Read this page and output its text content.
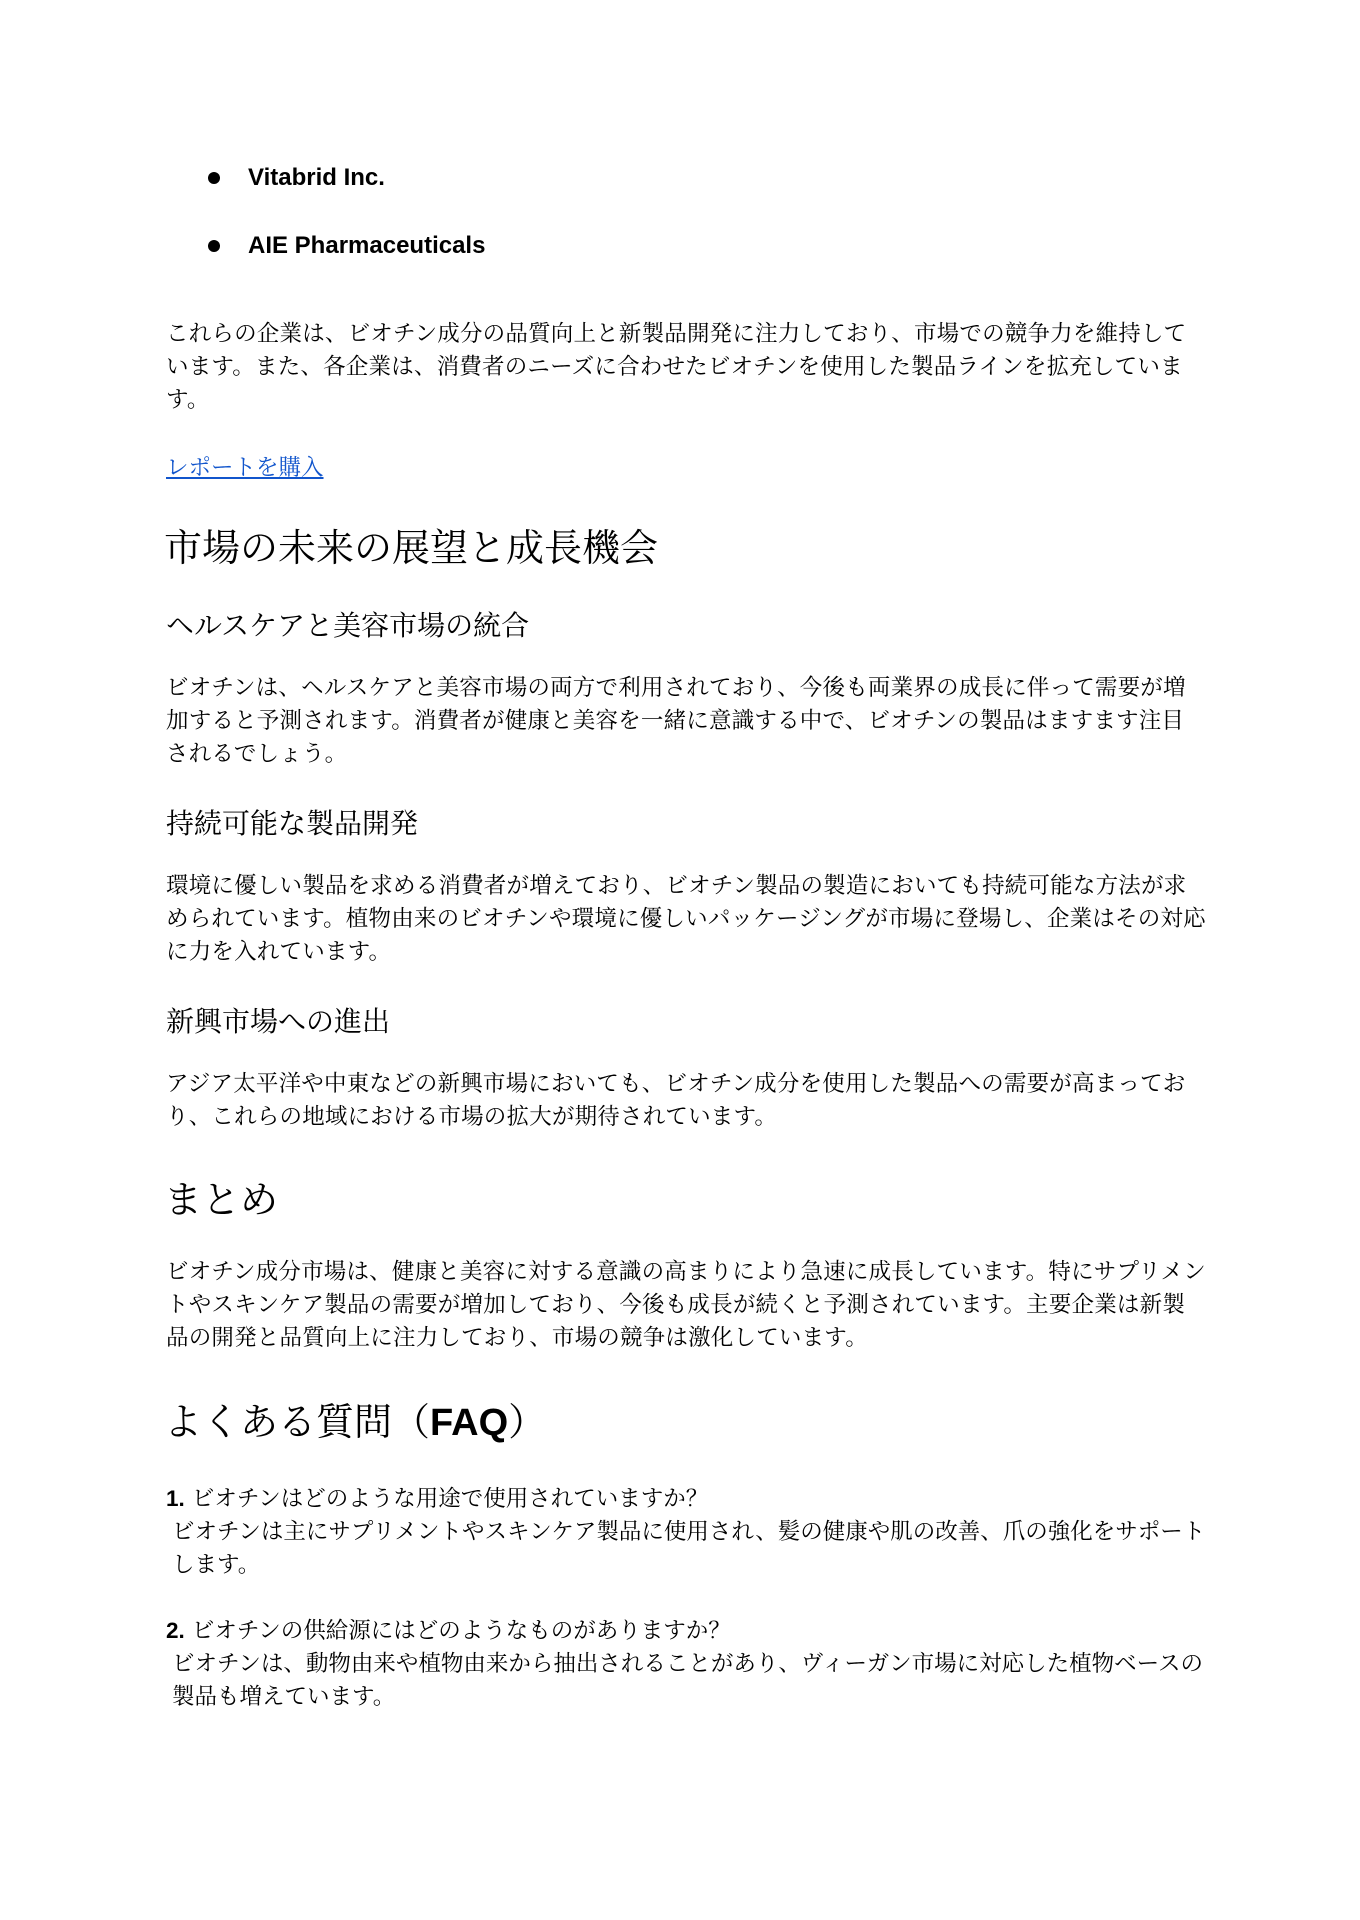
Vitabrid Inc.
AIE Pharmaceuticals

これらの企業は、ビオチン成分の品質向上と新製品開発に注力しており、市場での競争力を維持しています。また、各企業は、消費者のニーズに合わせたビオチンを使用した製品ラインを拡充しています。

レポートを購入
市場の未来の展望と成長機会
ヘルスケアと美容市場の統合

ビオチンは、ヘルスケアと美容市場の両方で利用されており、今後も両業界の成長に伴って需要が増加すると予測されます。消費者が健康と美容を一緒に意識する中で、ビオチンの製品はますます注目されるでしょう。

持続可能な製品開発

環境に優しい製品を求める消費者が増えており、ビオチン製品の製造においても持続可能な方法が求められています。植物由来のビオチンや環境に優しいパッケージングが市場に登場し、企業はその対応に力を入れています。

新興市場への進出

アジア太平洋や中東などの新興市場においても、ビオチン成分を使用した製品への需要が高まっており、これらの地域における市場の拡大が期待されています。

まとめ

ビオチン成分市場は、健康と美容に対する意識の高まりにより急速に成長しています。特にサプリメントやスキンケア製品の需要が増加しており、今後も成長が続くと予測されています。主要企業は新製品の開発と品質向上に注力しており、市場の競争は激化しています。

よくある質問（FAQ）
1. ビオチンはどのような用途で使用されていますか？
ビオチンは主にサプリメントやスキンケア製品に使用され、髪の健康や肌の改善、爪の強化をサポートします。
2. ビオチンの供給源にはどのようなものがありますか？
ビオチンは、動物由来や植物由来から抽出されることがあり、ヴィーガン市場に対応した植物ベースの製品も増えています。
